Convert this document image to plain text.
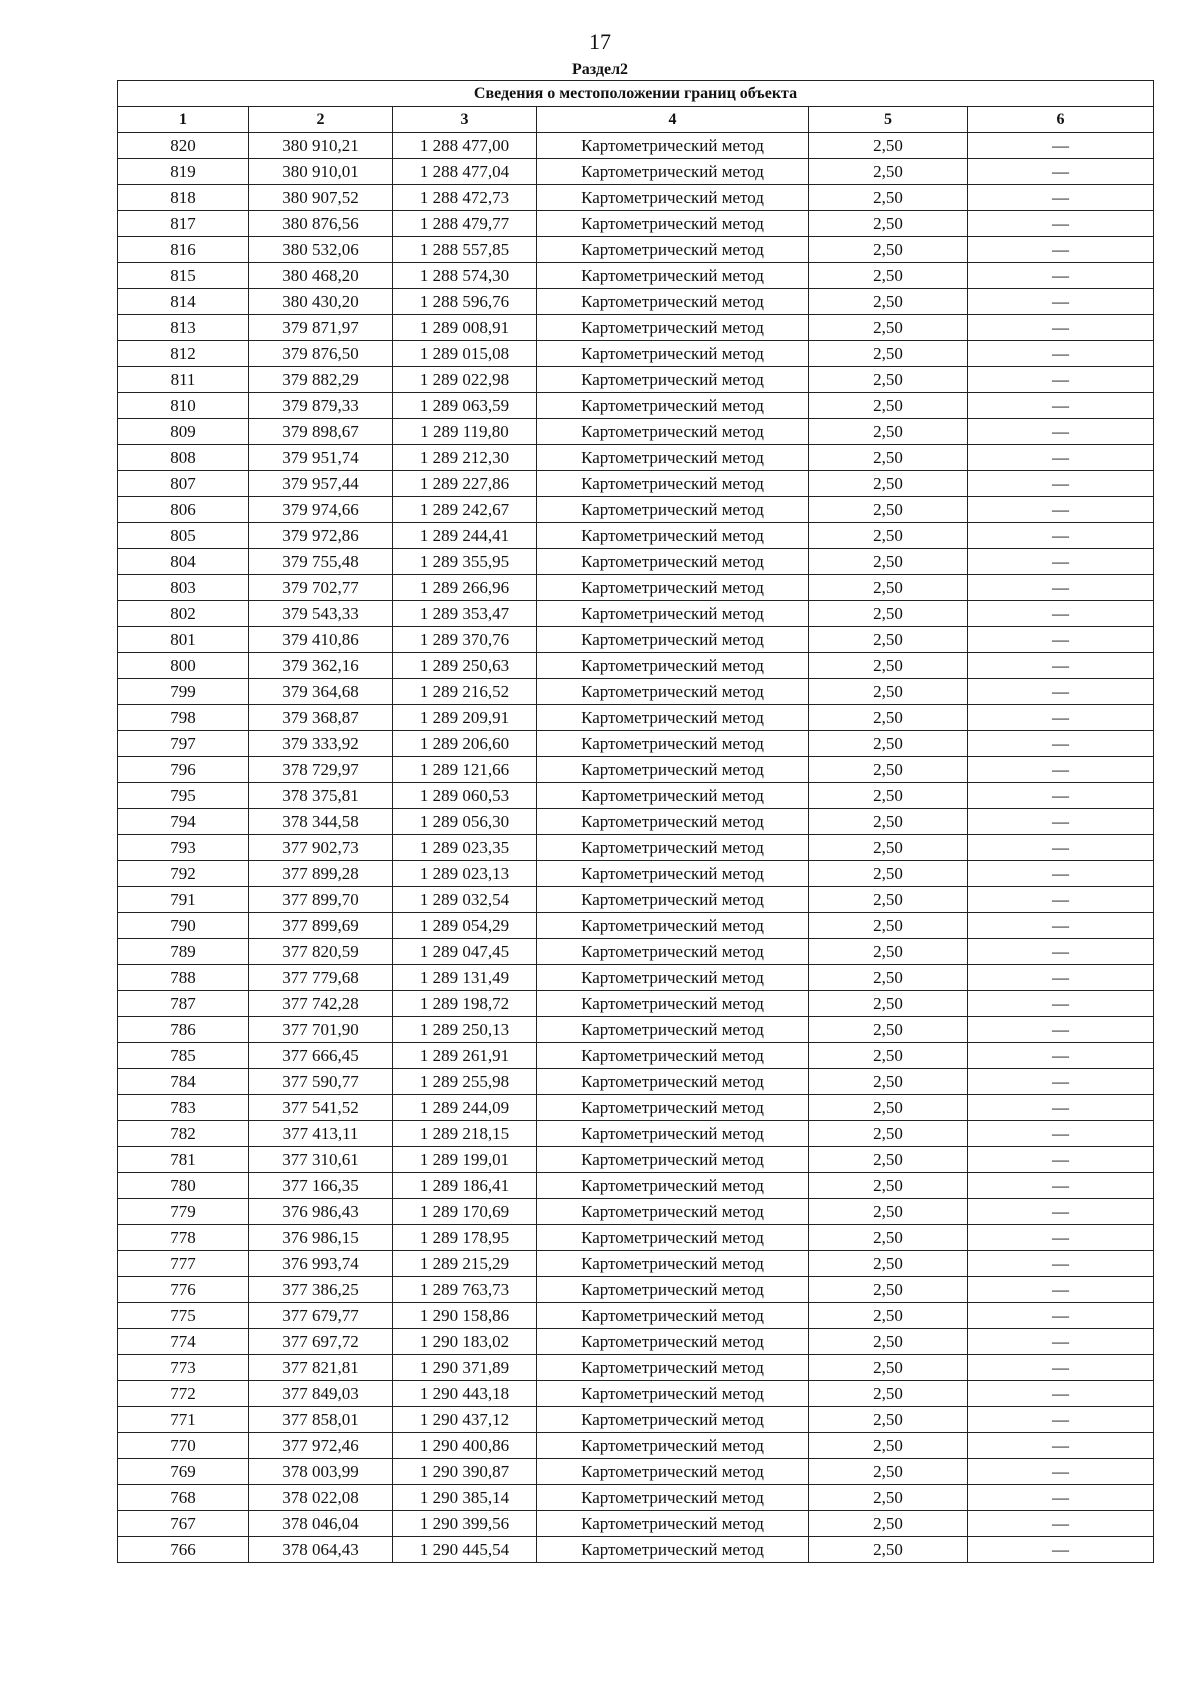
17
Раздел2
Сведения о местоположении границ объекта					
1	2	3	4	5	6
820	380 910,21	1 288 477,00	Картометрический метод	2,50	—
819	380 910,01	1 288 477,04	Картометрический метод	2,50	—
818	380 907,52	1 288 472,73	Картометрический метод	2,50	—
817	380 876,56	1 288 479,77	Картометрический метод	2,50	—
816	380 532,06	1 288 557,85	Картометрический метод	2,50	—
815	380 468,20	1 288 574,30	Картометрический метод	2,50	—
814	380 430,20	1 288 596,76	Картометрический метод	2,50	—
813	379 871,97	1 289 008,91	Картометрический метод	2,50	—
812	379 876,50	1 289 015,08	Картометрический метод	2,50	—
811	379 882,29	1 289 022,98	Картометрический метод	2,50	—
810	379 879,33	1 289 063,59	Картометрический метод	2,50	—
809	379 898,67	1 289 119,80	Картометрический метод	2,50	—
808	379 951,74	1 289 212,30	Картометрический метод	2,50	—
807	379 957,44	1 289 227,86	Картометрический метод	2,50	—
806	379 974,66	1 289 242,67	Картометрический метод	2,50	—
805	379 972,86	1 289 244,41	Картометрический метод	2,50	—
804	379 755,48	1 289 355,95	Картометрический метод	2,50	—
803	379 702,77	1 289 266,96	Картометрический метод	2,50	—
802	379 543,33	1 289 353,47	Картометрический метод	2,50	—
801	379 410,86	1 289 370,76	Картометрический метод	2,50	—
800	379 362,16	1 289 250,63	Картометрический метод	2,50	—
799	379 364,68	1 289 216,52	Картометрический метод	2,50	—
798	379 368,87	1 289 209,91	Картометрический метод	2,50	—
797	379 333,92	1 289 206,60	Картометрический метод	2,50	—
796	378 729,97	1 289 121,66	Картометрический метод	2,50	—
795	378 375,81	1 289 060,53	Картометрический метод	2,50	—
794	378 344,58	1 289 056,30	Картометрический метод	2,50	—
793	377 902,73	1 289 023,35	Картометрический метод	2,50	—
792	377 899,28	1 289 023,13	Картометрический метод	2,50	—
791	377 899,70	1 289 032,54	Картометрический метод	2,50	—
790	377 899,69	1 289 054,29	Картометрический метод	2,50	—
789	377 820,59	1 289 047,45	Картометрический метод	2,50	—
788	377 779,68	1 289 131,49	Картометрический метод	2,50	—
787	377 742,28	1 289 198,72	Картометрический метод	2,50	—
786	377 701,90	1 289 250,13	Картометрический метод	2,50	—
785	377 666,45	1 289 261,91	Картометрический метод	2,50	—
784	377 590,77	1 289 255,98	Картометрический метод	2,50	—
783	377 541,52	1 289 244,09	Картометрический метод	2,50	—
782	377 413,11	1 289 218,15	Картометрический метод	2,50	—
781	377 310,61	1 289 199,01	Картометрический метод	2,50	—
780	377 166,35	1 289 186,41	Картометрический метод	2,50	—
779	376 986,43	1 289 170,69	Картометрический метод	2,50	—
778	376 986,15	1 289 178,95	Картометрический метод	2,50	—
777	376 993,74	1 289 215,29	Картометрический метод	2,50	—
776	377 386,25	1 289 763,73	Картометрический метод	2,50	—
775	377 679,77	1 290 158,86	Картометрический метод	2,50	—
774	377 697,72	1 290 183,02	Картометрический метод	2,50	—
773	377 821,81	1 290 371,89	Картометрический метод	2,50	—
772	377 849,03	1 290 443,18	Картометрический метод	2,50	—
771	377 858,01	1 290 437,12	Картометрический метод	2,50	—
770	377 972,46	1 290 400,86	Картометрический метод	2,50	—
769	378 003,99	1 290 390,87	Картометрический метод	2,50	—
768	378 022,08	1 290 385,14	Картометрический метод	2,50	—
767	378 046,04	1 290 399,56	Картометрический метод	2,50	—
766	378 064,43	1 290 445,54	Картометрический метод	2,50	—
